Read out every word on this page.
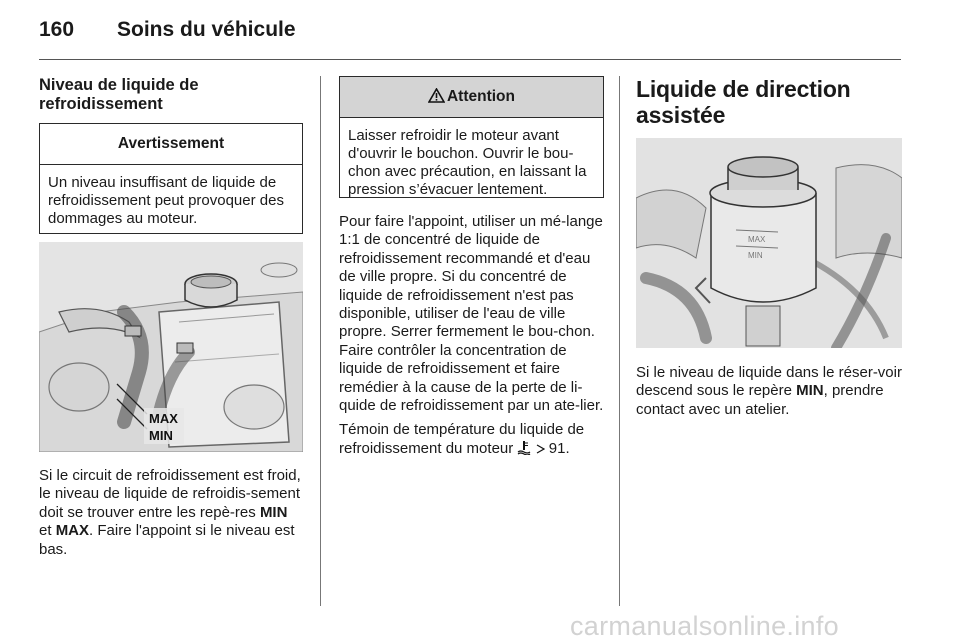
160 Soins du véhicule
Niveau de liquide de refroidissement
Avertissement
Un niveau insuffisant de liquide de refroidissement peut provoquer des dommages au moteur.
MAX
MIN

Si le circuit de refroidissement est froid, le niveau de liquide de refroidis-sement doit se trouver entre les repè-res MIN et MAX. Faire l'appoint si le niveau est bas.

Attention
Laisser refroidir le moteur avant d'ouvrir le bouchon. Ouvrir le bou-chon avec précaution, en laissant la pression s’évacuer lentement.

Pour faire l'appoint, utiliser un mé-lange 1:1 de concentré de liquide de refroidissement recommandé et d'eau de ville propre. Si du concentré de liquide de refroidissement n'est pas disponible, utiliser de l'eau de ville propre. Serrer fermement le bou-chon. Faire contrôler la concentration de liquide de refroidissement et faire remédier à la cause de la perte de li-quide de refroidissement par un ate-lier.

Témoin de température du liquide de refroidissement du moteur   91.

Liquide de direction assistée
MAX
MIN

Si le niveau de liquide dans le réser-voir descend sous le repère MIN, prendre contact avec un atelier.

carmanualsonline.info
